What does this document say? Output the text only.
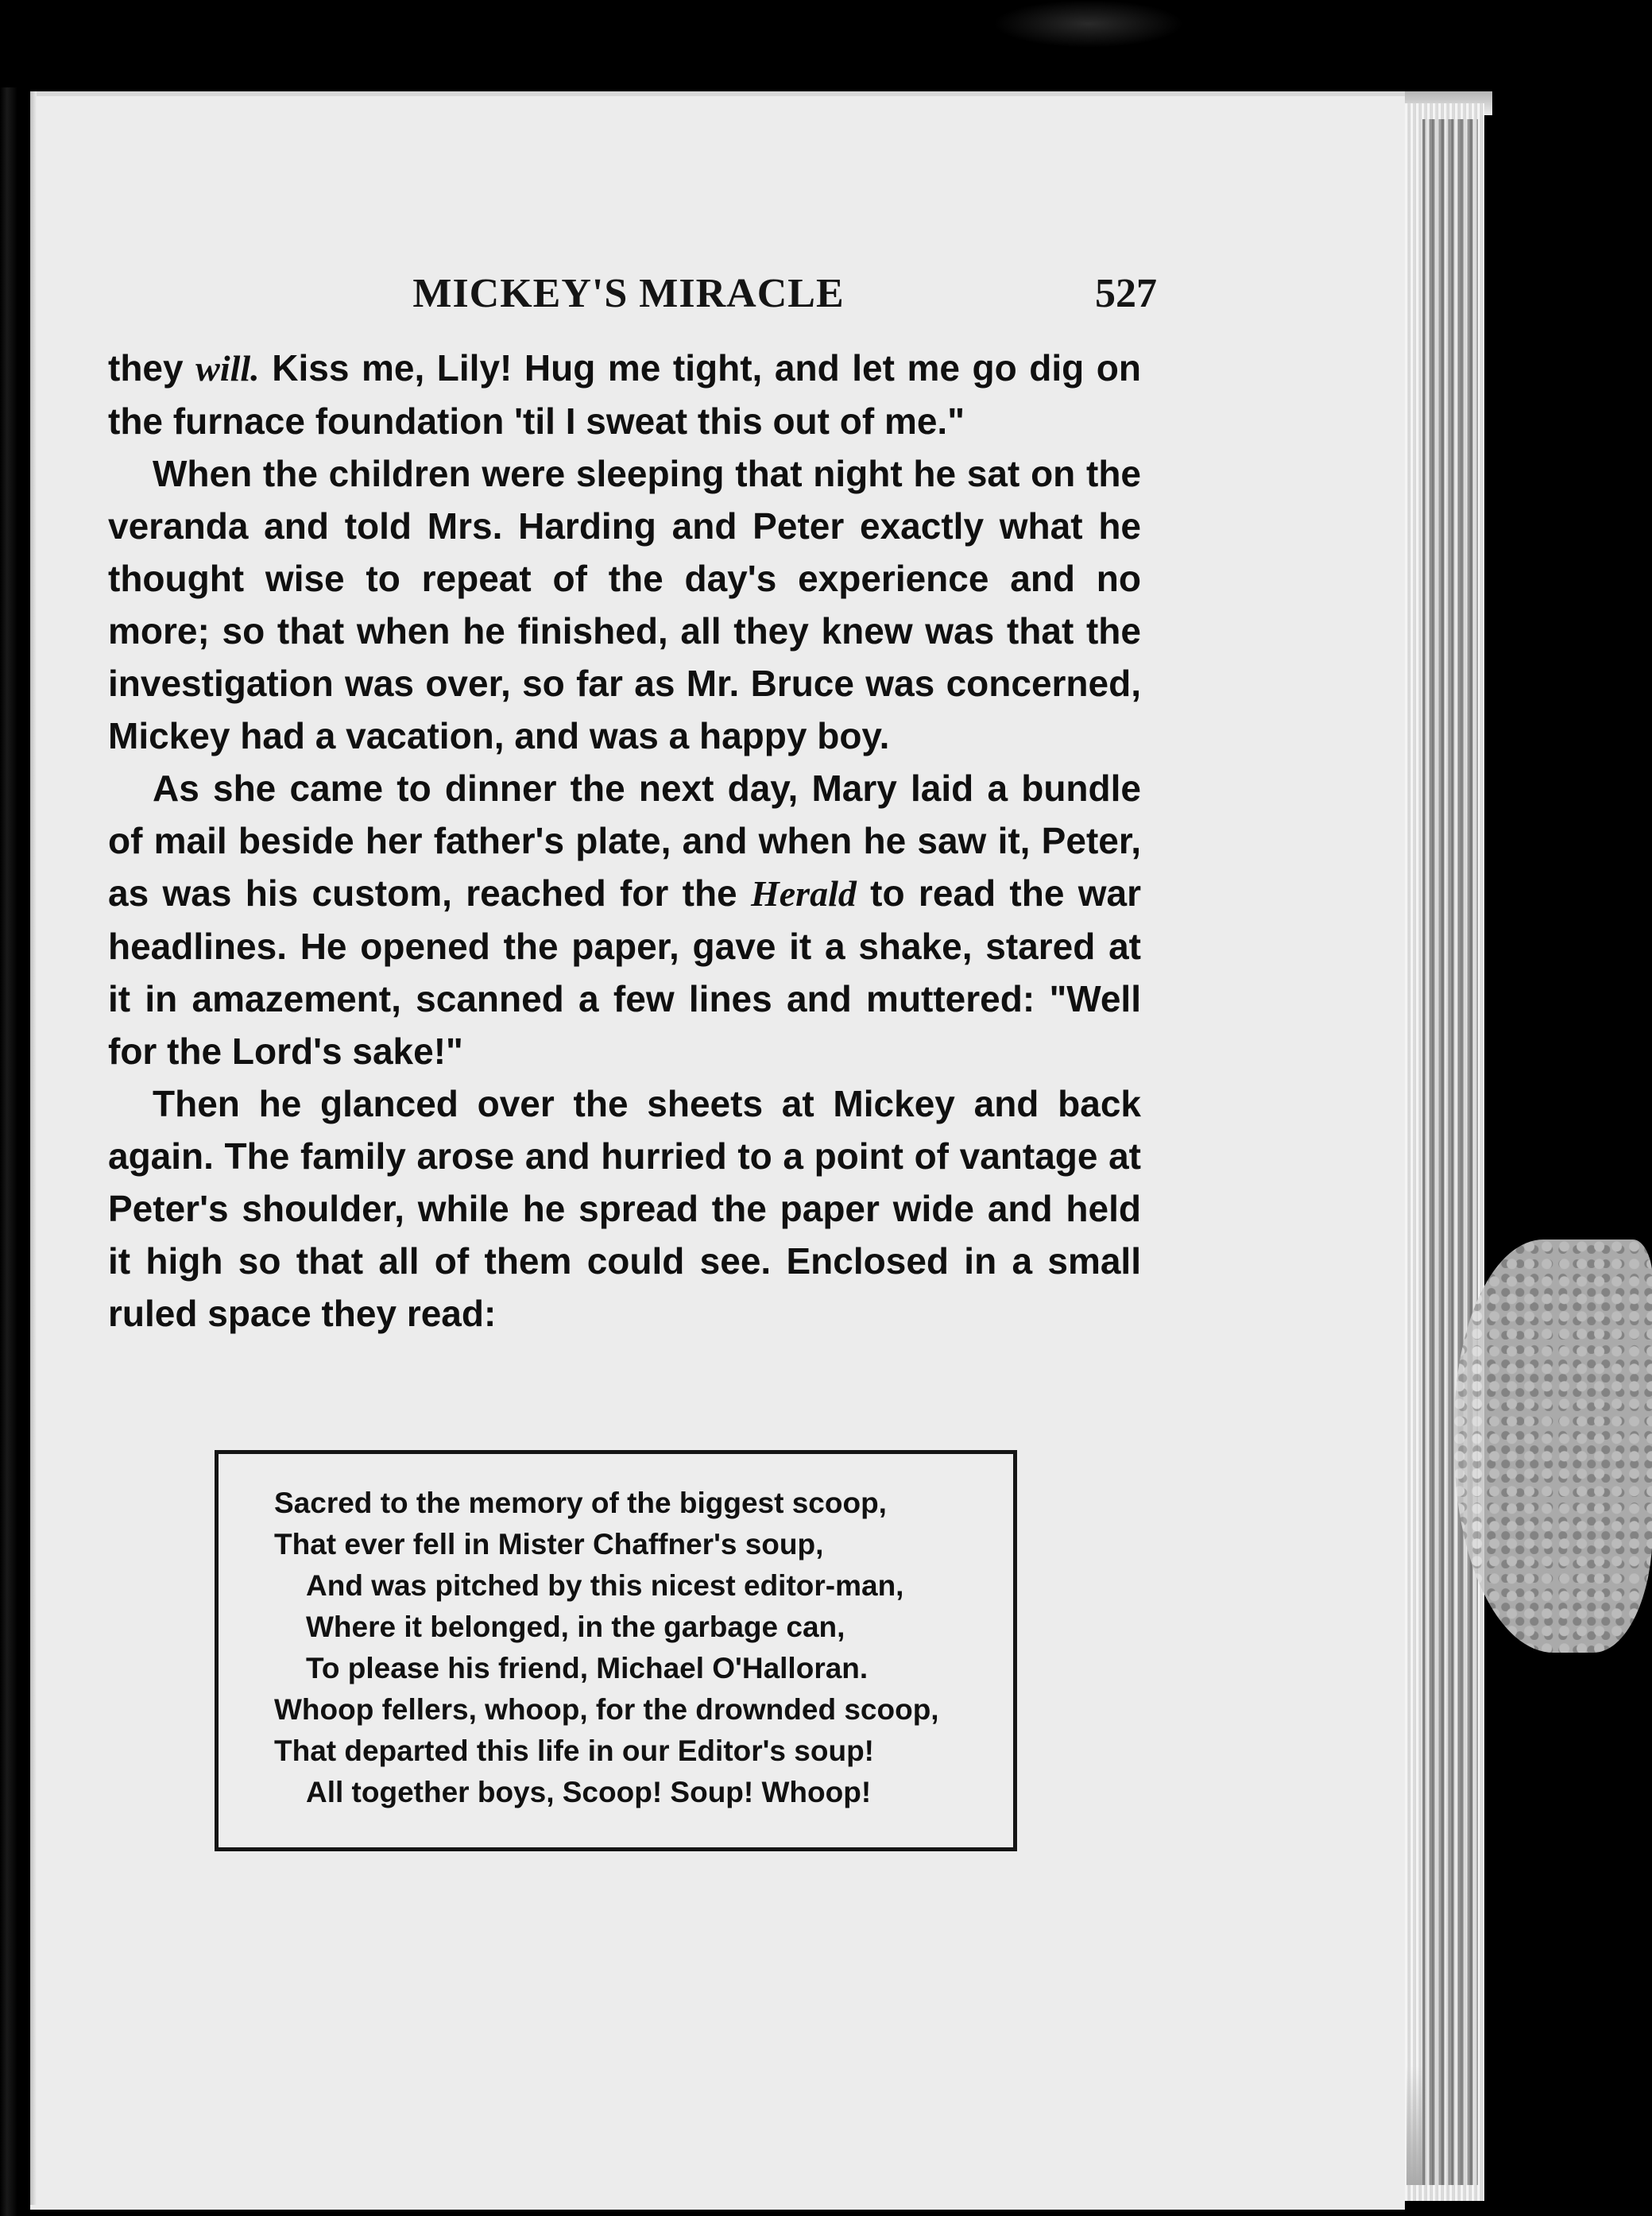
MICKEY'S MIRACLE	527

they will. Kiss me, Lily! Hug me tight, and let me go dig on the furnace foundation 'til I sweat this out of me."

When the children were sleeping that night he sat on the veranda and told Mrs. Harding and Peter exactly what he thought wise to repeat of the day's experience and no more; so that when he finished, all they knew was that the investigation was over, so far as Mr. Bruce was concerned, Mickey had a vacation, and was a happy boy.

As she came to dinner the next day, Mary laid a bundle of mail beside her father's plate, and when he saw it, Peter, as was his custom, reached for the Herald to read the war headlines. He opened the paper, gave it a shake, stared at it in amazement, scanned a few lines and muttered: "Well for the Lord's sake!"

Then he glanced over the sheets at Mickey and back again. The family arose and hurried to a point of vantage at Peter's shoulder, while he spread the paper wide and held it high so that all of them could see. Enclosed in a small ruled space they read:

Sacred to the memory of the biggest scoop,
That ever fell in Mister Chaffner's soup,
And was pitched by this nicest editor-man,
Where it belonged, in the garbage can,
To please his friend, Michael O'Halloran.
Whoop fellers, whoop, for the drownded scoop,
That departed this life in our Editor's soup!
All together boys, Scoop! Soup! Whoop!
